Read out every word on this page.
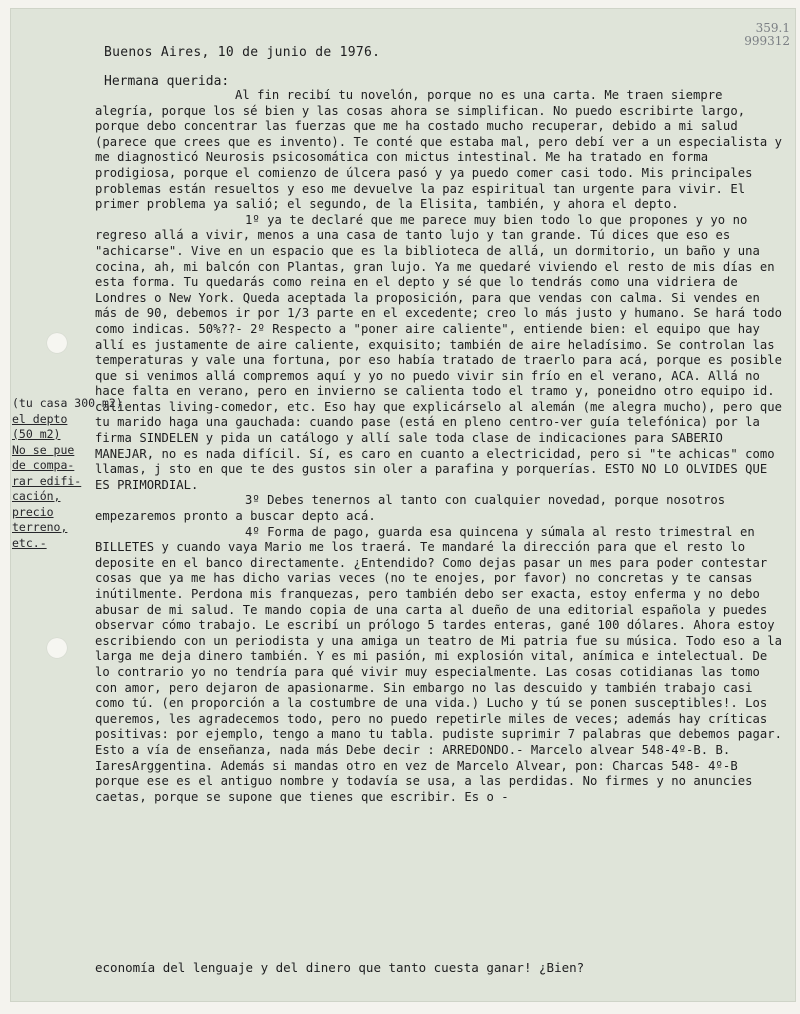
359.1
999312
Buenos Aires, 10 de junio de 1976.
Hermana querida:

Al fin recibí tu novelón, porque no es una carta. Me traen siempre alegría, porque los sé bien y las cosas ahora se simplifican. No puedo escribirte largo, porque debo concentrar las fuerzas que me ha costado mucho recuperar, debido a mi salud (parece que crees que es invento). Te conté que estaba mal, pero debí ver a un especialista y me diagnosticó Neurosis psicosomática con mictus intestinal. Me ha tratado en forma prodigiosa, porque el comienzo de úlcera pasó y ya puedo comer casi todo. Mis principales problemas están resueltos y eso me devuelve la paz espiritual tan urgente para vivir. El primer problema ya salió; el segundo, de la Elisita, también, y ahora el depto.

1º ya te declaré que me parece muy bien todo lo que propones y yo no regreso allá a vivir, menos a una casa de tanto lujo y tan grande. Tú dices que eso es "achicarse". Vive en un espacio que es la biblioteca de allá, un dormitorio, un baño y una cocina, ah, mi balcón con Plantas, gran lujo. Ya me quedaré viviendo el resto de mis días en esta forma. Tu quedarás como reina en el depto y sé que lo tendrás como una vidriera de Londres o New York. Queda aceptada la proposición, para que vendas con calma. Si vendes en más de 90, debemos ir por 1/3 parte en el excedente; creo lo más justo y humano. Se hará todo como indicas. 50%??- 2º Respecto a "poner aire caliente", entiende bien: el equipo que hay allí es justamente de aire caliente, exquisito; también de aire heladísimo. Se controlan las temperaturas y vale una fortuna, por eso había tratado de traerlo para acá, porque es posible que si venimos allá compremos aquí y yo no puedo vivir sin frío en el verano, ACA. Allá no hace falta en verano, pero en invierno se calienta todo el tramo y, poneidno otro equipo id. calientas living-comedor, etc. Eso hay que explicárselo al alemán (me alegra mucho), pero que tu marido haga una gauchada: cuando pase (está en pleno centro-ver guía telefónica) por la firma SINDELEN y pida un catálogo y allí sale toda clase de indicaciones para SABERIO MANEJAR, no es nada difícil. Sí, es caro en cuanto a electricidad, pero si "te achicas" como llamas, j sto en que te des gustos sin oler a parafina y porquerías. ESTO NO LO OLVIDES QUE ES PRIMORDIAL.

3º Debes tenernos al tanto con cualquier novedad, porque nosotros empezaremos pronto a buscar depto acá.

4º Forma de pago, guarda esa quincena y súmala al resto trimestral en BILLETES y cuando vaya Mario me los traerá. Te mandaré la dirección para que el resto lo deposite en el banco directamente. ¿Entendido? Como dejas pasar un mes para poder contestar cosas que ya me has dicho varias veces (no te enojes, por favor) no concretas y te cansas inútilmente. Perdona mis franquezas, pero también debo ser exacta, estoy enferma y no debo abusar de mi salud. Te mando copia de una carta al dueño de una editorial española y puedes observar cómo trabajo. Le escribí un prólogo 5 tardes enteras, gané 100 dólares. Ahora estoy escribiendo con un periodista y una amiga un teatro de Mi patria fue su música. Todo eso a la larga me deja dinero también. Y es mi pasión, mi explosión vital, anímica e intelectual. De lo contrario yo no tendría para qué vivir muy especialmente. Las cosas cotidianas las tomo con amor, pero dejaron de apasionarme. Sin embargo no las descuido y también trabajo casi como tú. (en proporción a la costumbre de una vida.) Lucho y tú se ponen susceptibles!. Los queremos, les agradecemos todo, pero no puedo repetirle miles de veces; además hay críticas positivas: por ejemplo, tengo a mano tu tabla. pudiste suprimir 7 palabras que debemos pagar. Esto a vía de enseñanza, nada más Debe decir : ARREDONDO.- Marcelo alvear 548-4º-B. B. IaresArggentina. Además si mandas otro en vez de Marcelo Alvear, pon: Charcas 548- 4º-B porque ese es el antiguo nombre y todavía se usa, a las perdidas. No firmes y no anuncies caetas, porque se supone que tienes que escribir. Es o -

economía del lenguaje y del dinero que tanto cuesta ganar! ¿Bien?
(tu casa 300 m2)
el depto
(50 m2)
No se pue
de compa-
rar edifi-
cación,
precio
terreno,
etc.-
